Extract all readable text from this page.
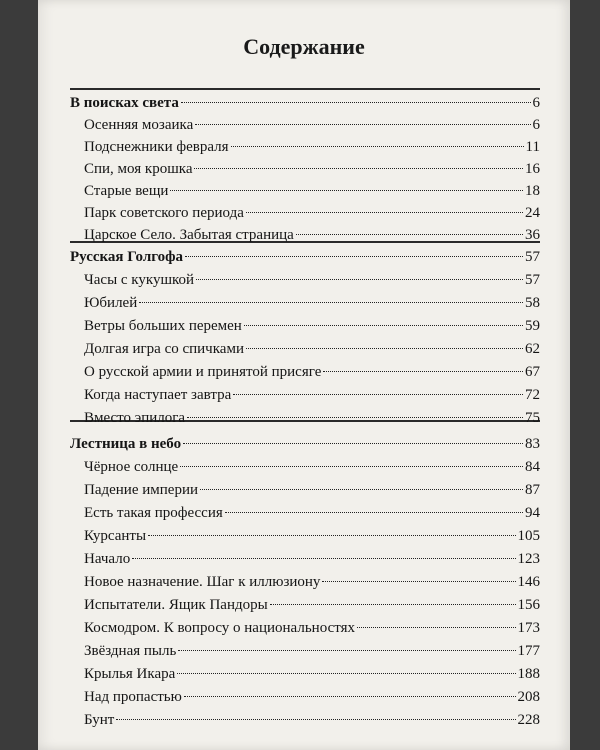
Содержание
В поисках света	6
Осенняя мозаика	6
Подснежники февраля	11
Спи, моя крошка	16
Старые вещи	18
Парк советского периода	24
Царское Село. Забытая страница	36
Русская Голгофа	57
Часы с кукушкой	57
Юбилей	58
Ветры больших перемен	59
Долгая игра со спичками	62
О русской армии и принятой присяге	67
Когда наступает завтра	72
Вместо эпилога	75
Лестница в небо	83
Чёрное солнце	84
Падение империи	87
Есть такая профессия	94
Курсанты	105
Начало	123
Новое назначение. Шаг к иллюзиону	146
Испытатели. Ящик Пандоры	156
Космодром. К вопросу о национальностях	173
Звёздная пыль	177
Крылья Икара	188
Над пропастью	208
Бунт	228
